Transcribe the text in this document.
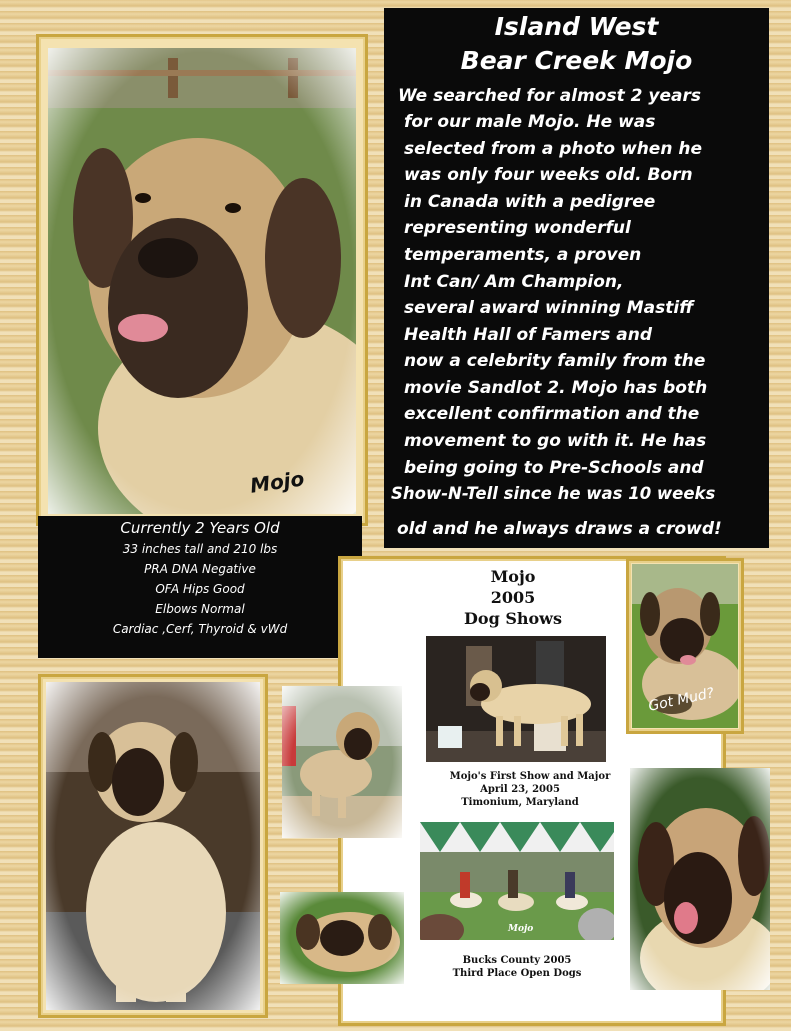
Mojo
Island West
Bear Creek Mojo
We searched for almost 2 years
for our male Mojo. He was
selected from a photo when he
was only four weeks old. Born
in Canada with a pedigree
representing wonderful
temperaments, a proven
Int Can/ Am Champion,
several award winning Mastiff
Health Hall of Famers and
now a celebrity family from the
movie Sandlot 2. Mojo has both
excellent confirmation and the
movement to go with it. He has
being going to Pre-Schools and
Show-N-Tell since he was 10 weeks
old and he always draws a crowd!
Currently 2 Years Old
33 inches tall and 210 lbs
PRA DNA Negative
OFA Hips Good
Elbows Normal
Cardiac ,Cerf, Thyroid & vWd
Mojo
2005
Dog Shows
Mojo's First Show and Major
April 23, 2005
Timonium, Maryland
Mojo
Bucks County 2005
Third Place Open Dogs
Got Mud?
